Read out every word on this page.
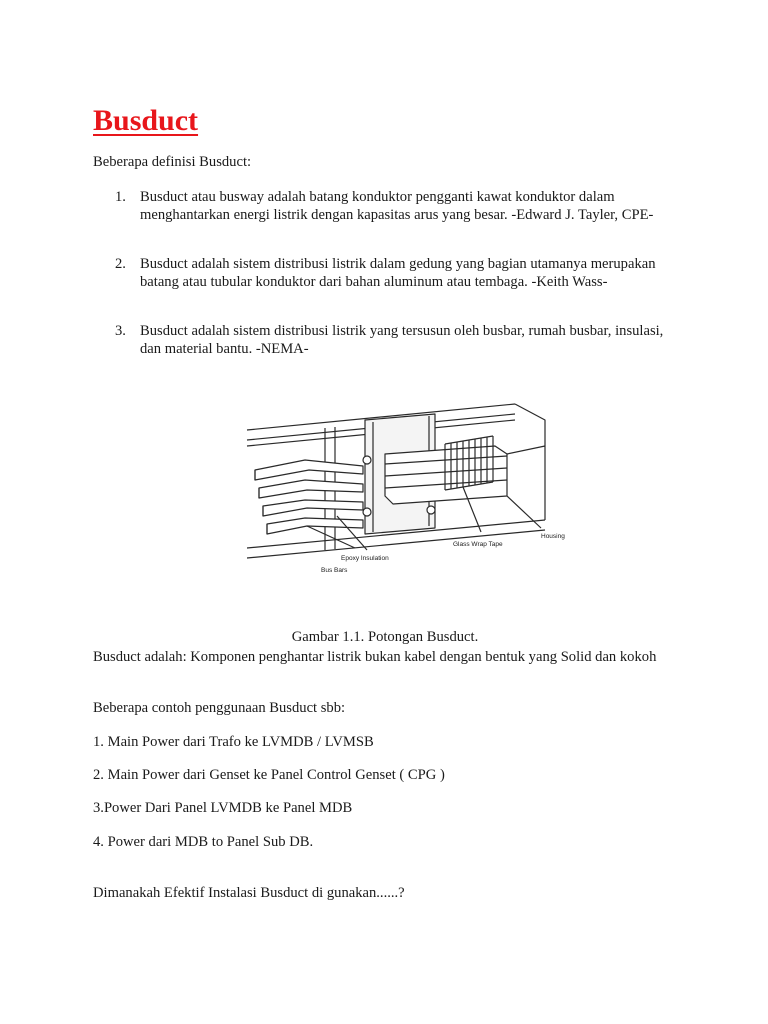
Busduct

Beberapa definisi Busduct:

1. Busduct atau busway adalah batang konduktor pengganti kawat konduktor dalam menghantarkan energi listrik dengan kapasitas arus yang besar. -Edward J. Tayler, CPE-
2. Busduct adalah sistem distribusi listrik dalam gedung yang bagian utamanya merupakan batang atau tubular konduktor dari bahan aluminum atau tembaga. -Keith Wass-
3. Busduct adalah sistem distribusi listrik yang tersusun oleh busbar, rumah busbar, insulasi, dan material bantu. -NEMA-
Epoxy Insulation
Bus Bars
Glass Wrap Tape
Housing

Gambar 1.1. Potongan Busduct.

Busduct adalah: Komponen penghantar listrik bukan kabel dengan bentuk yang Solid dan kokoh

Beberapa contoh penggunaan Busduct sbb:

1. Main Power dari Trafo ke LVMDB / LVMSB

2. Main Power dari Genset ke Panel Control Genset ( CPG )

3.Power Dari Panel LVMDB ke Panel MDB

4. Power dari MDB to Panel Sub DB.

Dimanakah Efektif Instalasi Busduct di gunakan......?
